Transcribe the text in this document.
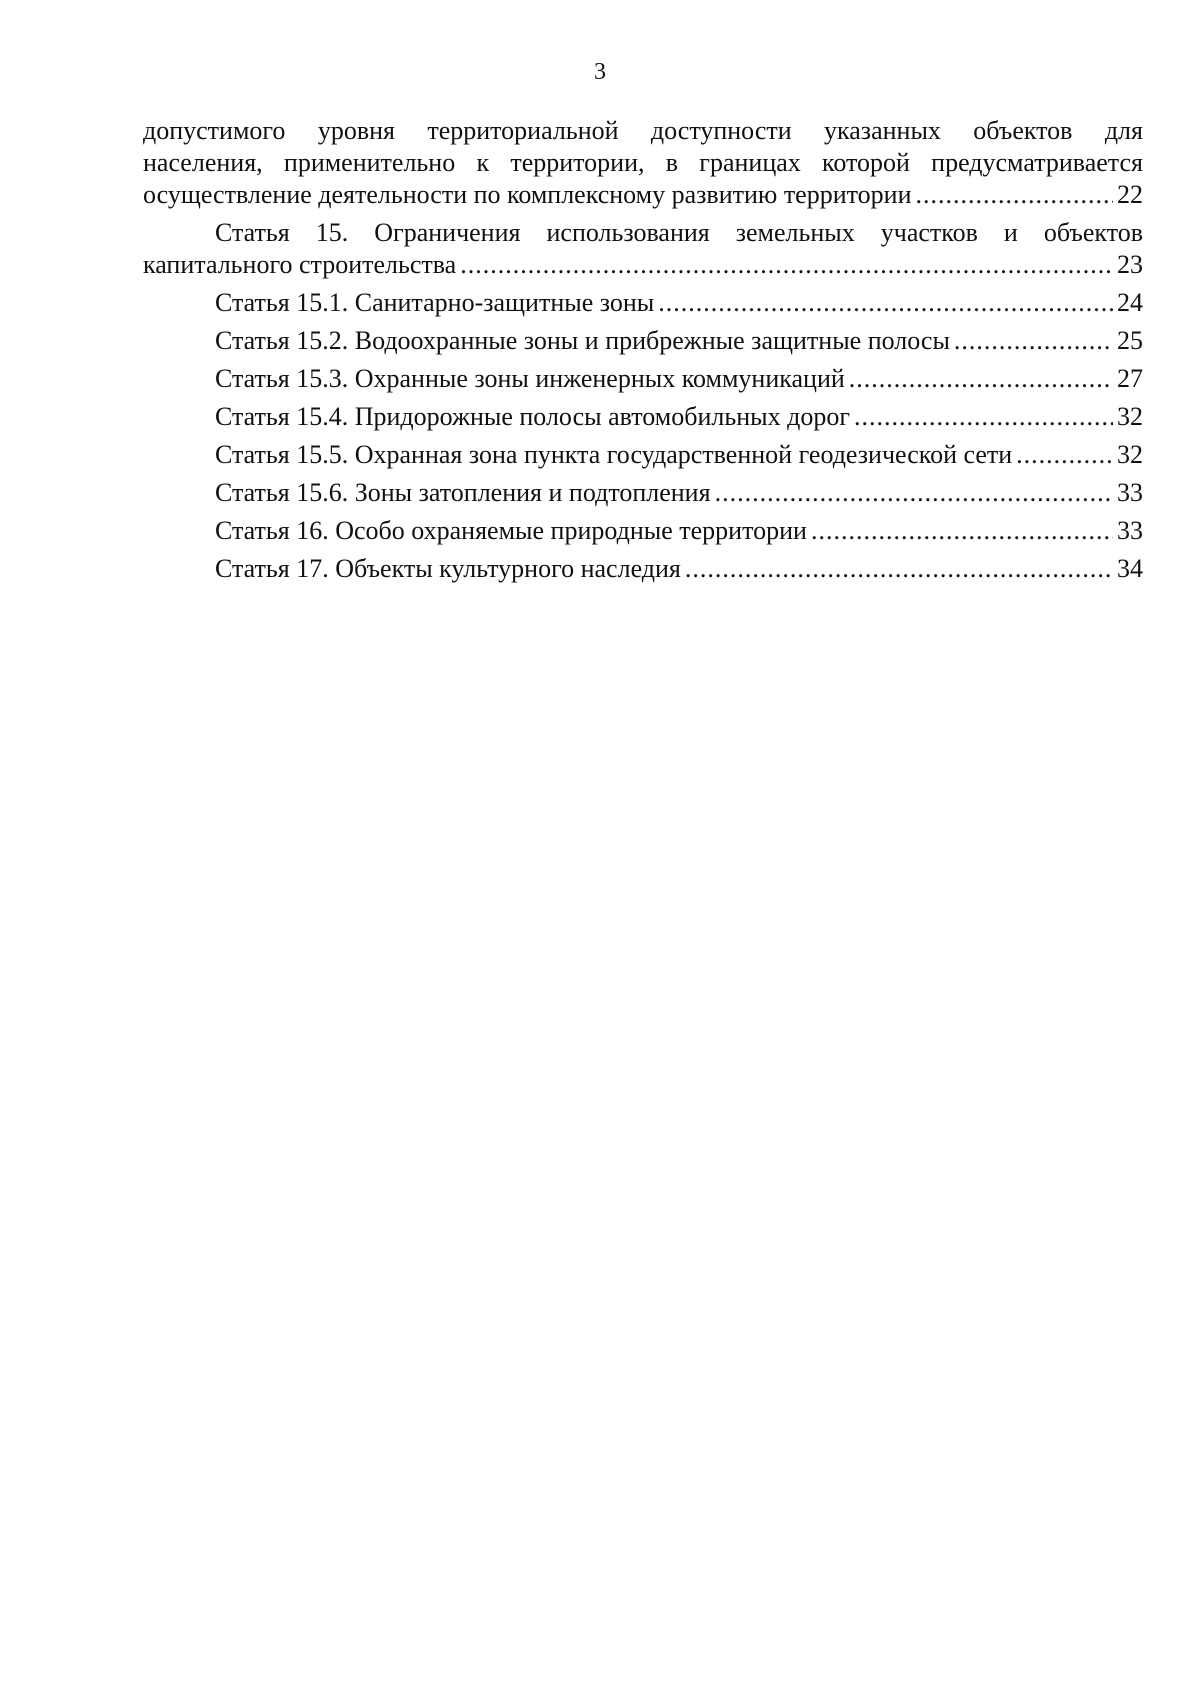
3
допустимого уровня территориальной доступности указанных объектов для
населения, применительно к территории, в границах которой предусматривается
осуществление деятельности по комплексному развитию территории .....	22
Статья 15. Ограничения использования земельных участков и объектов
капитального строительства .....	23
Статья 15.1. Санитарно-защитные зоны .....	24
Статья 15.2. Водоохранные зоны и прибрежные защитные полосы .....	25
Статья 15.3. Охранные зоны инженерных коммуникаций .....	27
Статья 15.4. Придорожные полосы автомобильных дорог .....	32
Статья 15.5. Охранная зона пункта государственной геодезической сети .....	32
Статья 15.6. Зоны затопления и подтопления .....	33
Статья 16. Особо охраняемые природные территории .....	33
Статья 17. Объекты культурного наследия .....	34
